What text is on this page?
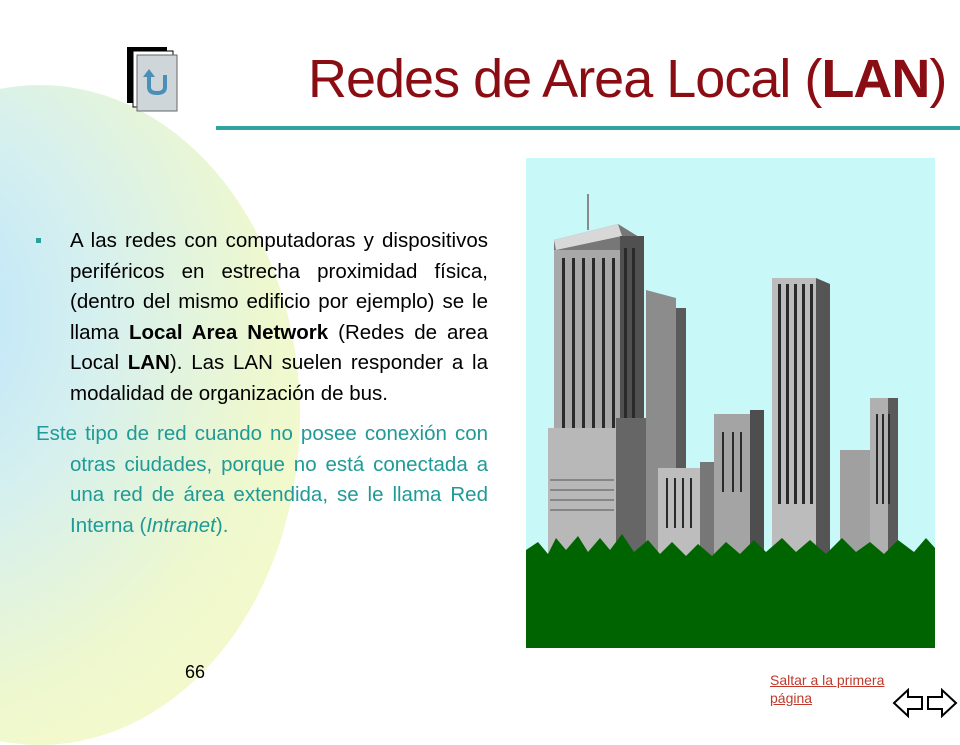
Redes de Area Local (LAN)

A las redes con computadoras y dispositivos periféricos en estrecha proximidad física, (dentro del mismo edificio por ejemplo) se le llama Local Area Network (Redes de area Local LAN). Las LAN suelen responder a la modalidad de organización de bus.

Este tipo de red cuando no posee conexión con otras ciudades, porque no está conectada a una red de área extendida, se le llama Red Interna (Intranet).

66	Saltar a la primera página
